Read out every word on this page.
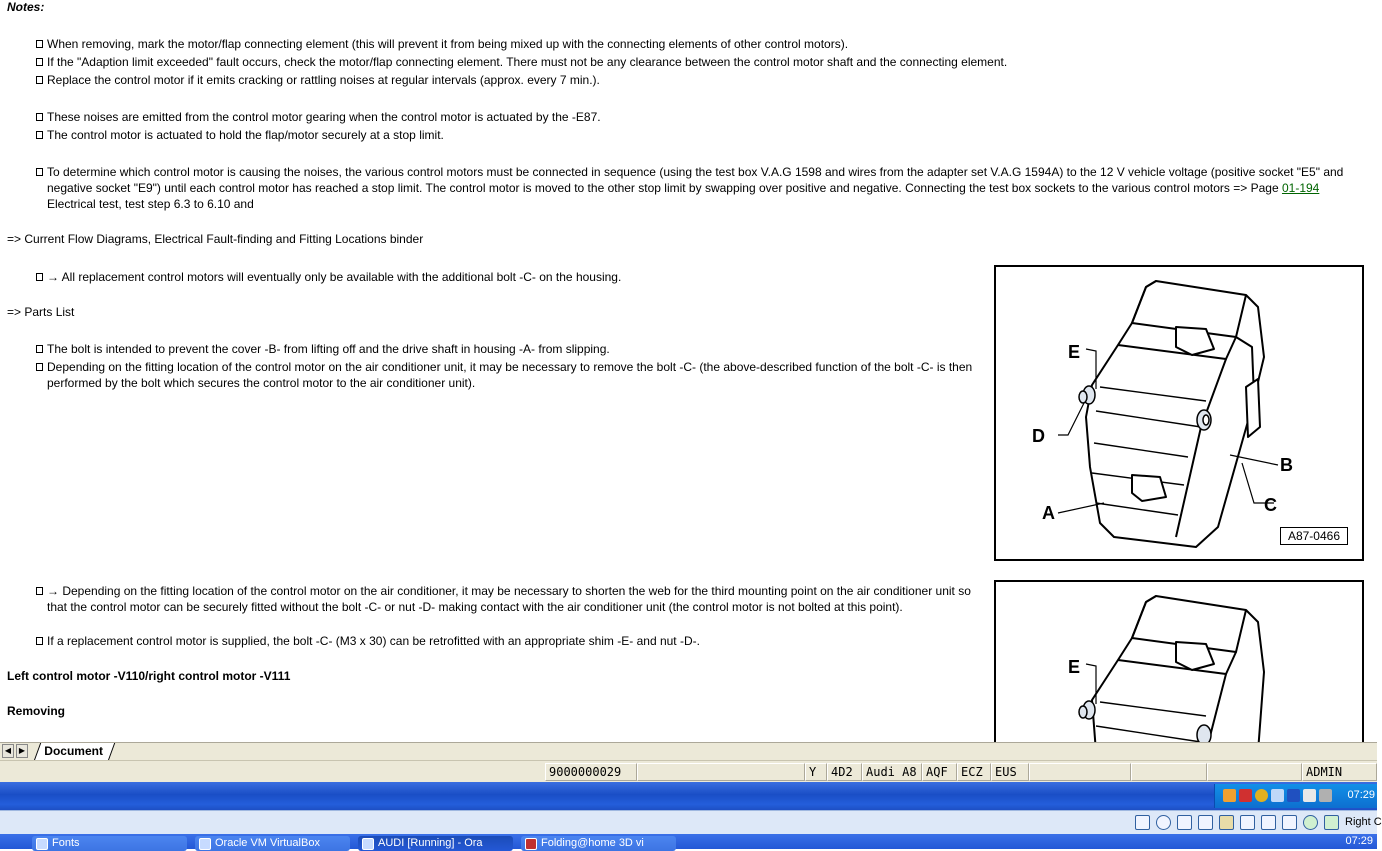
Notes:
When removing, mark the motor/flap connecting element (this will prevent it from being mixed up with the connecting elements of other control motors).
If the "Adaption limit exceeded" fault occurs, check the motor/flap connecting element. There must not be any clearance between the control motor shaft and the connecting element.
Replace the control motor if it emits cracking or rattling noises at regular intervals (approx. every 7 min.).
These noises are emitted from the control motor gearing when the control motor is actuated by the -E87.
The control motor is actuated to hold the flap/motor securely at a stop limit.
To determine which control motor is causing the noises, the various control motors must be connected in sequence (using the test box V.A.G 1598 and wires from the adapter set V.A.G 1594A) to the 12 V vehicle voltage (positive socket "E5" and negative socket "E9") until each control motor has reached a stop limit. The control motor is moved to the other stop limit by swapping over positive and negative. Connecting the test box sockets to the various control motors => Page 01-194 Electrical test, test step 6.3 to 6.10 and
=> Current Flow Diagrams, Electrical Fault-finding and Fitting Locations binder
→ All replacement control motors will eventually only be available with the additional bolt -C- on the housing.
=> Parts List
The bolt is intended to prevent the cover -B- from lifting off and the drive shaft in housing -A- from slipping.
Depending on the fitting location of the control motor on the air conditioner unit, it may be necessary to remove the bolt -C- (the above-described function of the bolt -C- is then performed by the bolt which secures the control motor to the air conditioner unit).
→ Depending on the fitting location of the control motor on the air conditioner, it may be necessary to shorten the web for the third mounting point on the air conditioner unit so that the control motor can be securely fitted without the bolt -C- or nut -D- making contact with the air conditioner unit (the control motor is not bolted at this point).
If a replacement control motor is supplied, the bolt -C- (M3 x 30) can be retrofitted with an appropriate shim -E- and nut -D-.
Left control motor -V110/right control motor -V111
Removing
E
D
B
C
A
A87-0466
E
◀ ▶	Document
9000000029	Y	4D2	Audi A8 AQF	ECZ	EUS	ADMIN
07:29
Right C
Fonts	Oracle VM VirtualBox	AUDI [Running] - Ora	Folding@home 3D vi	07:29
